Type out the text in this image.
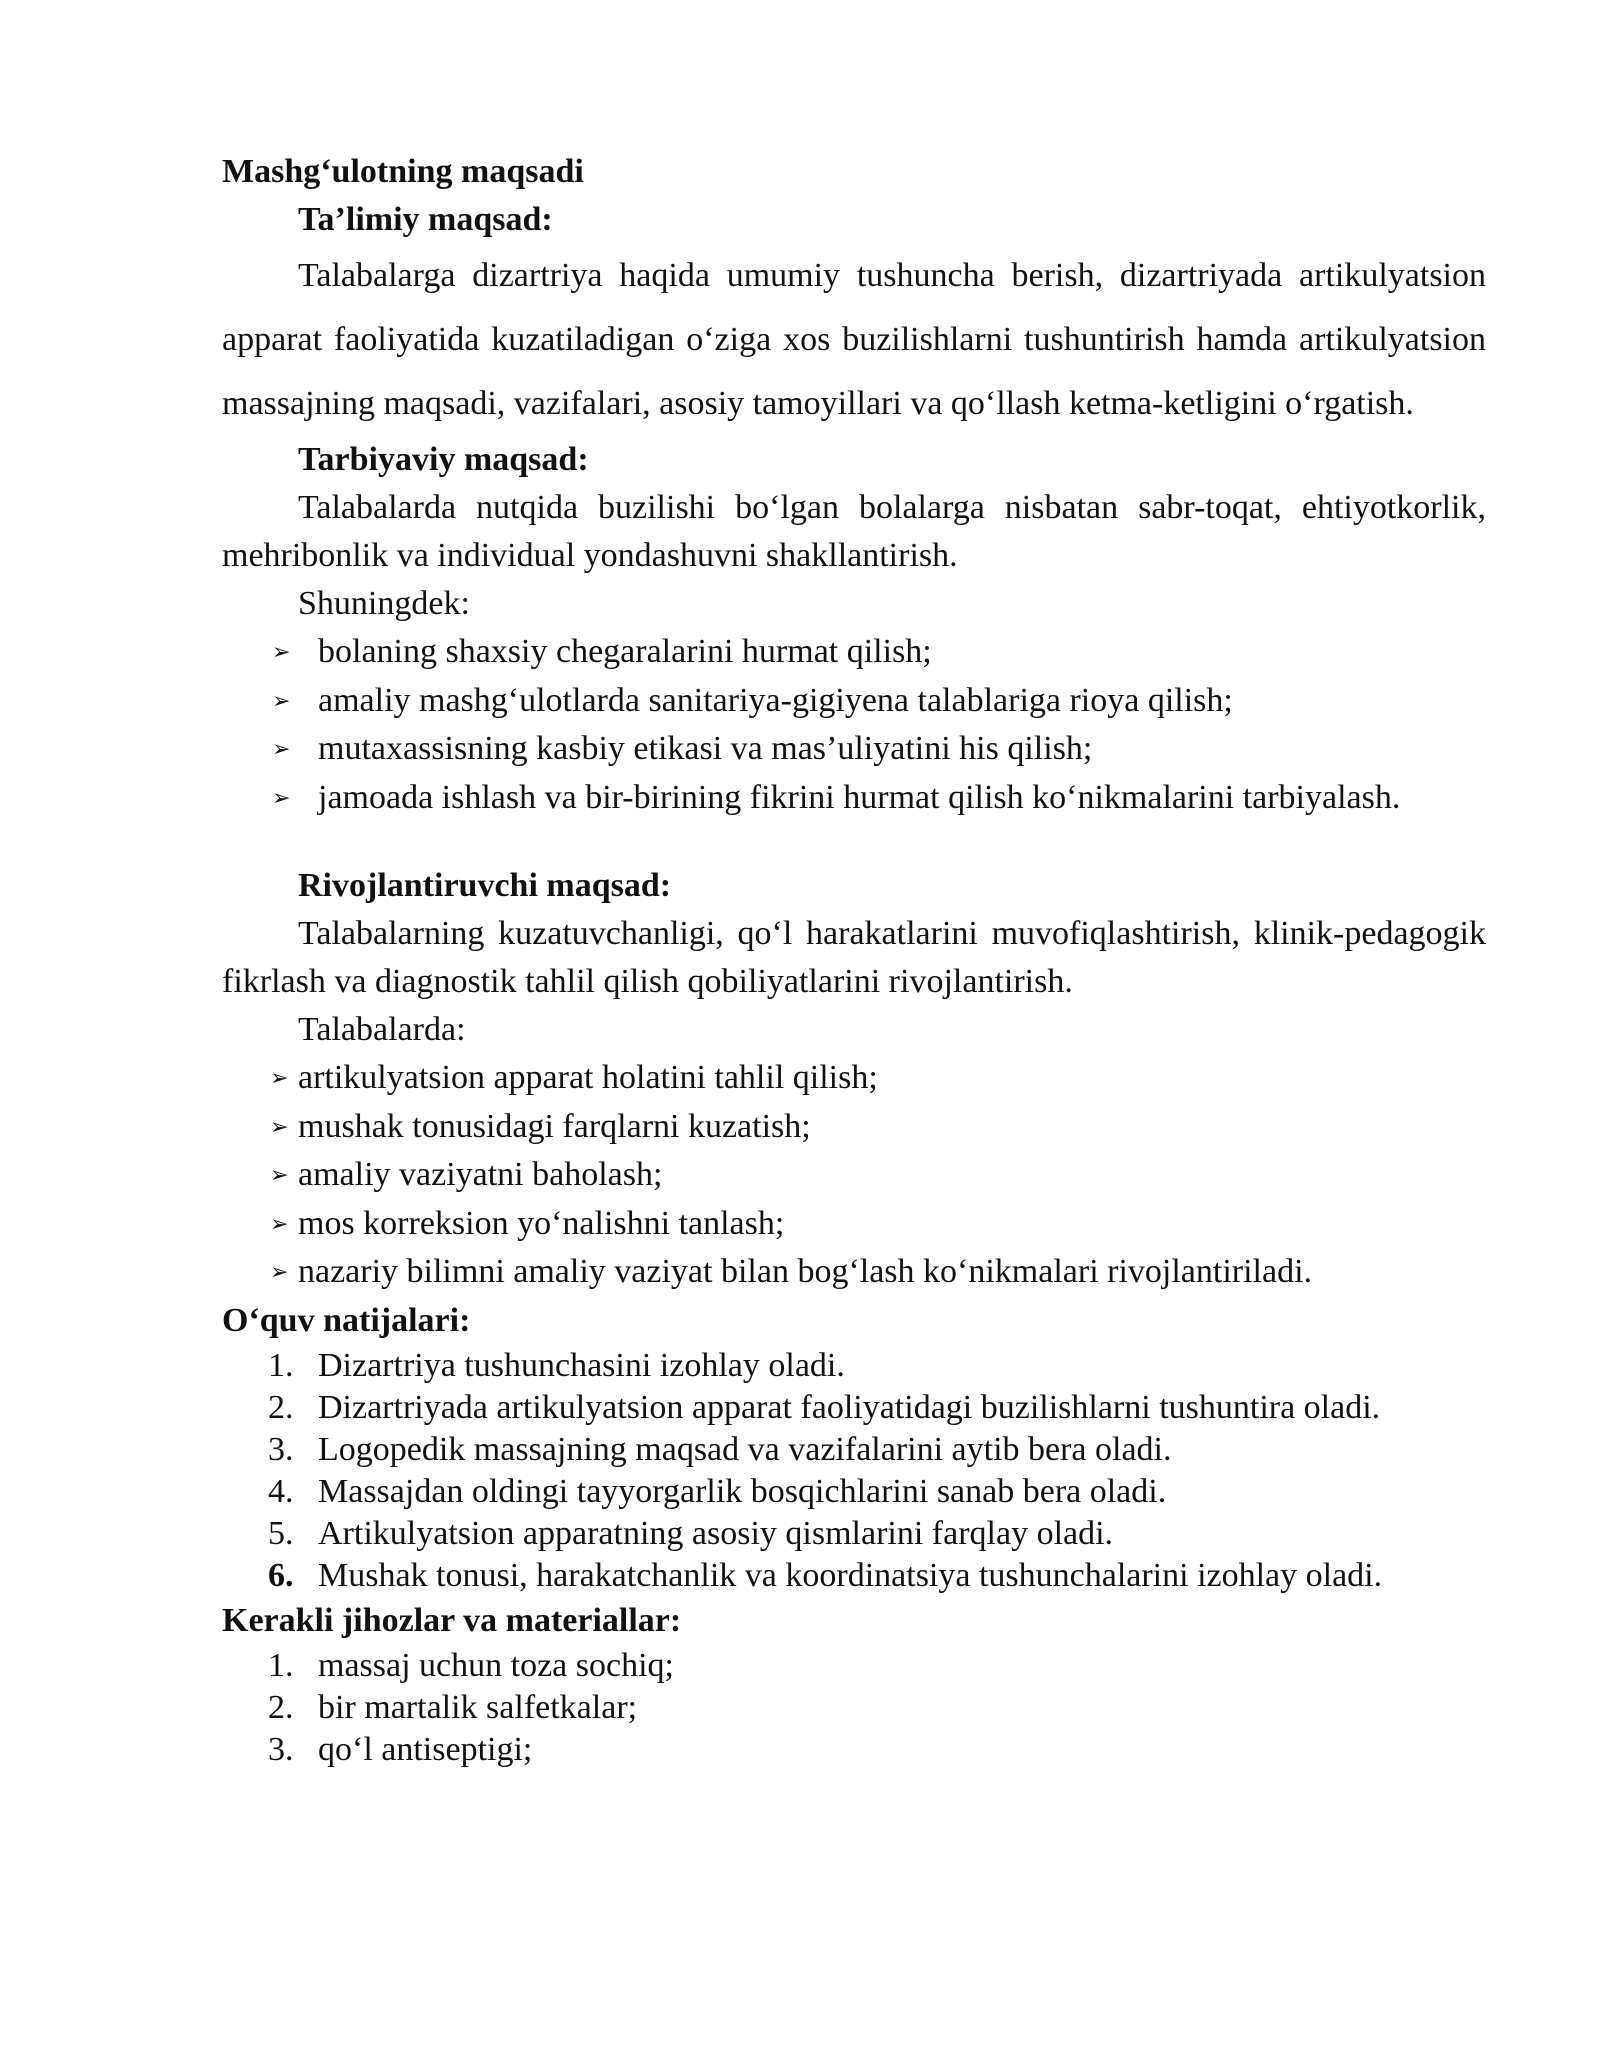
Mashg‘ulotning maqsadi

Ta’limiy maqsad:

Talabalarga dizartriya haqida umumiy tushuncha berish, dizartriyada artikulyatsion apparat faoliyatida kuzatiladigan o‘ziga xos buzilishlarni tushuntirish hamda artikulyatsion massajning maqsadi, vazifalari, asosiy tamoyillari va qo‘llash ketma-ketligini o‘rgatish.

Tarbiyaviy maqsad:

Talabalarda nutqida buzilishi bo‘lgan bolalarga nisbatan sabr-toqat, ehtiyotkorlik, mehribonlik va individual yondashuvni shakllantirish.

Shuningdek:

➢ bolaning shaxsiy chegaralarini hurmat qilish;
➢ amaliy mashg‘ulotlarda sanitariya-gigiyena talablariga rioya qilish;
➢ mutaxassisning kasbiy etikasi va mas’uliyatini his qilish;
➢ jamoada ishlash va bir-birining fikrini hurmat qilish ko‘nikmalarini tarbiyalash.

Rivojlantiruvchi maqsad:

Talabalarning kuzatuvchanligi, qo‘l harakatlarini muvofiqlashtirish, klinik-pedagogik fikrlash va diagnostik tahlil qilish qobiliyatlarini rivojlantirish.

Talabalarda:

➢ artikulyatsion apparat holatini tahlil qilish;
➢ mushak tonusidagi farqlarni kuzatish;
➢ amaliy vaziyatni baholash;
➢ mos korreksion yo‘nalishni tanlash;
➢ nazariy bilimni amaliy vaziyat bilan bog‘lash ko‘nikmalari rivojlantiriladi.

O‘quv natijalari:

1. Dizartriya tushunchasini izohlay oladi.
2. Dizartriyada artikulyatsion apparat faoliyatidagi buzilishlarni tushuntira oladi.
3. Logopedik massajning maqsad va vazifalarini aytib bera oladi.
4. Massajdan oldingi tayyorgarlik bosqichlarini sanab bera oladi.
5. Artikulyatsion apparatning asosiy qismlarini farqlay oladi.
6. Mushak tonusi, harakatchanlik va koordinatsiya tushunchalarini izohlay oladi.

Kerakli jihozlar va materiallar:

1. massaj uchun toza sochiq;
2. bir martalik salfetkalar;
3. qo‘l antiseptigi;
